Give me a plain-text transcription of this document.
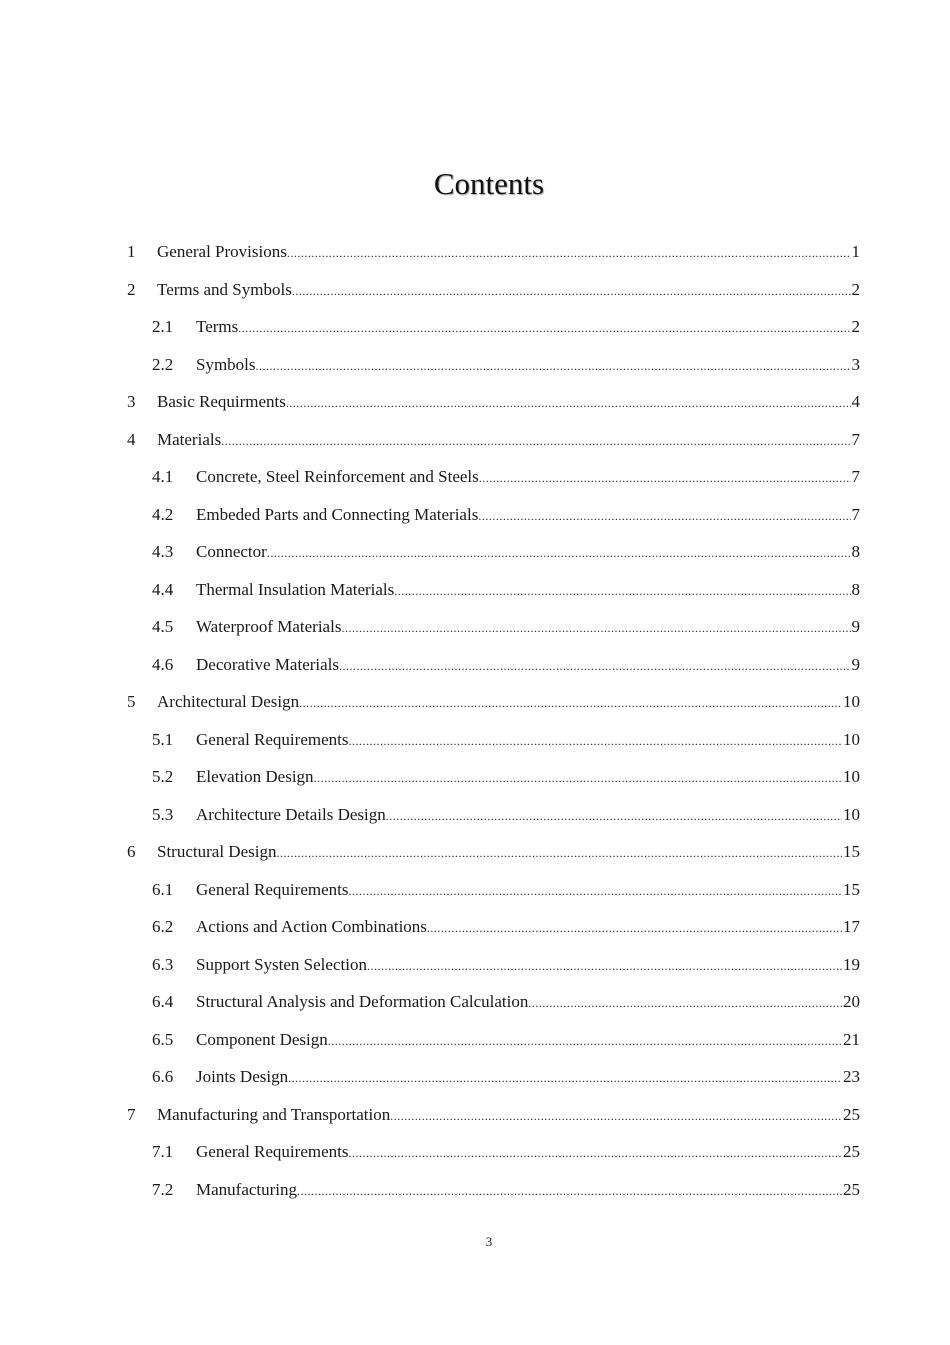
Contents
1 General Provisions .....	1
2 Terms and Symbols .....	2
2.1 Terms .....	2
2.2 Symbols .....	3
3 Basic Requirments .....	4
4 Materials .....	7
4.1 Concrete, Steel Reinforcement and Steels .....	7
4.2 Embeded Parts and Connecting Materials .....	7
4.3 Connector .....	8
4.4 Thermal Insulation Materials .....	8
4.5 Waterproof Materials .....	9
4.6 Decorative Materials .....	9
5 Architectural Design .....	10
5.1 General Requirements .....	10
5.2 Elevation Design .....	10
5.3 Architecture Details Design .....	10
6 Structural Design .....	15
6.1 General Requirements .....	15
6.2 Actions and Action Combinations .....	17
6.3 Support Systen Selection .....	19
6.4 Structural Analysis and Deformation Calculation .....	20
6.5 Component Design .....	21
6.6 Joints Design .....	23
7 Manufacturing and Transportation .....	25
7.1 General Requirements .....	25
7.2 Manufacturing .....	25
3
